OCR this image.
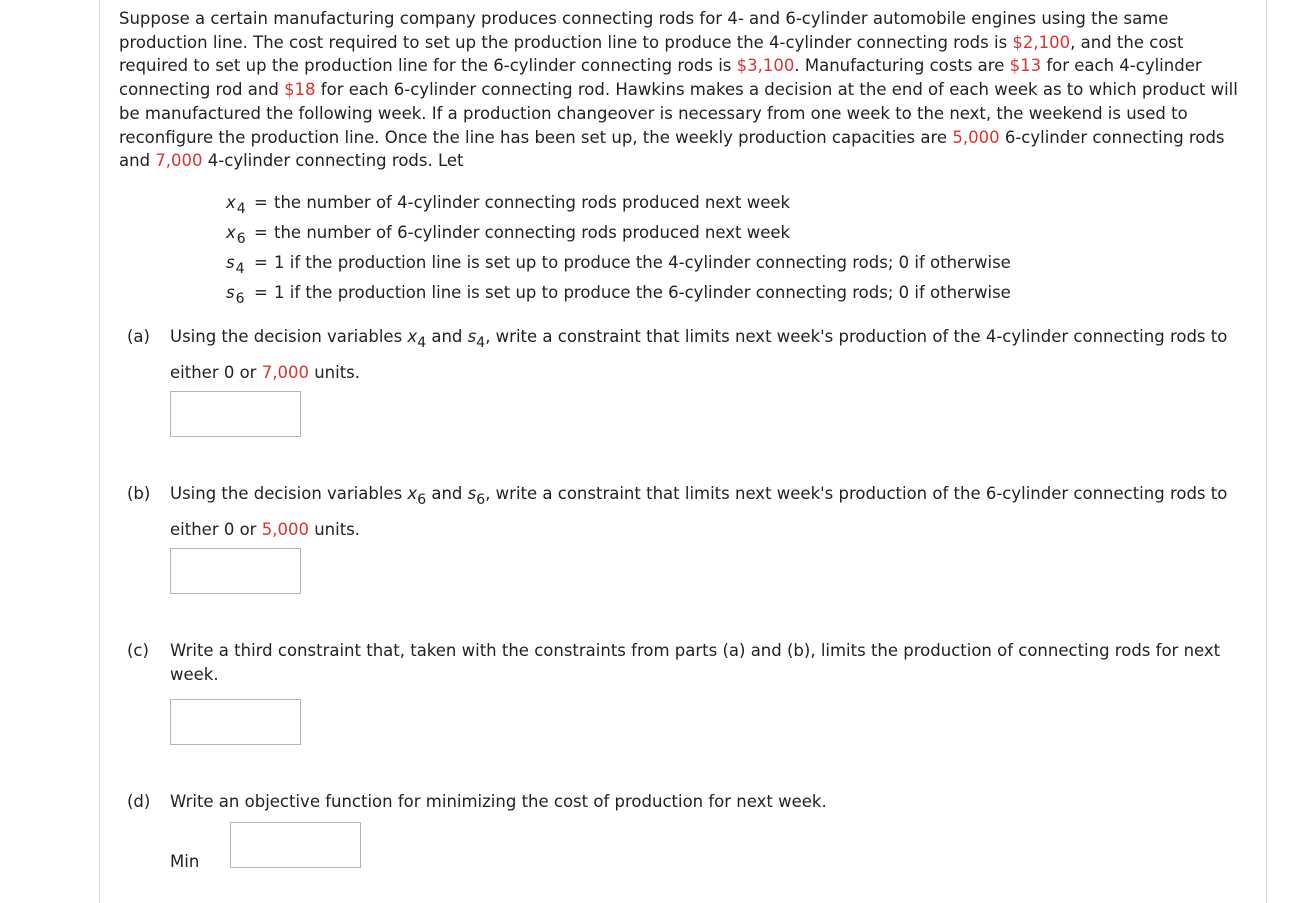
Suppose a certain manufacturing company produces connecting rods for 4- and 6-cylinder automobile engines using the same production line. The cost required to set up the production line to produce the 4-cylinder connecting rods is $2,100, and the cost required to set up the production line for the 6-cylinder connecting rods is $3,100. Manufacturing costs are $13 for each 4-cylinder connecting rod and $18 for each 6-cylinder connecting rod. Hawkins makes a decision at the end of each week as to which product will be manufactured the following week. If a production changeover is necessary from one week to the next, the weekend is used to reconfigure the production line. Once the line has been set up, the weekly production capacities are 5,000 6-cylinder connecting rods and 7,000 4-cylinder connecting rods. Let

$x_4$ = the number of 4-cylinder connecting rods produced next week
$x_6$ = the number of 6-cylinder connecting rods produced next week
$s_4 = 1$ if the production line is set up to produce the 4-cylinder connecting rods; 0 if otherwise
$s_6 = 1$ if the production line is set up to produce the 6-cylinder connecting rods; 0 if otherwise
(a) Using the decision variables $x_4$ and $s_4$, write a constraint that limits next week's production of the 4-cylinder connecting rods to either 0 or 7,000 units.
(b) Using the decision variables $x_6$ and $s_6$, write a constraint that limits next week's production of the 6-cylinder connecting rods to either 0 or 5,000 units.
(c) Write a third constraint that, taken with the constraints from parts (a) and (b), limits the production of connecting rods for next week.
(d) Write an objective function for minimizing the cost of production for next week.
Min
